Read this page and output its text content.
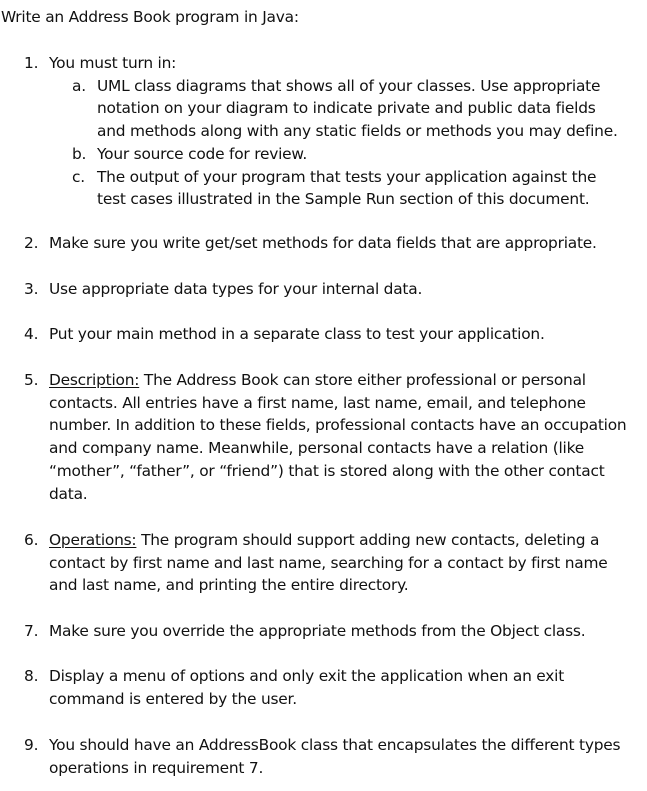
Write an Address Book program in Java:
1. You must turn in:
a. UML class diagrams that shows all of your classes. Use appropriate notation on your diagram to indicate private and public data fields and methods along with any static fields or methods you may define.
b. Your source code for review.
c. The output of your program that tests your application against the test cases illustrated in the Sample Run section of this document.
2. Make sure you write get/set methods for data fields that are appropriate.
3. Use appropriate data types for your internal data.
4. Put your main method in a separate class to test your application.
5. Description: The Address Book can store either professional or personal contacts. All entries have a first name, last name, email, and telephone number. In addition to these fields, professional contacts have an occupation and company name. Meanwhile, personal contacts have a relation (like “mother”, “father”, or “friend”) that is stored along with the other contact data.
6. Operations: The program should support adding new contacts, deleting a contact by first name and last name, searching for a contact by first name and last name, and printing the entire directory.
7. Make sure you override the appropriate methods from the Object class.
8. Display a menu of options and only exit the application when an exit command is entered by the user.
9. You should have an AddressBook class that encapsulates the different types operations in requirement 7.
